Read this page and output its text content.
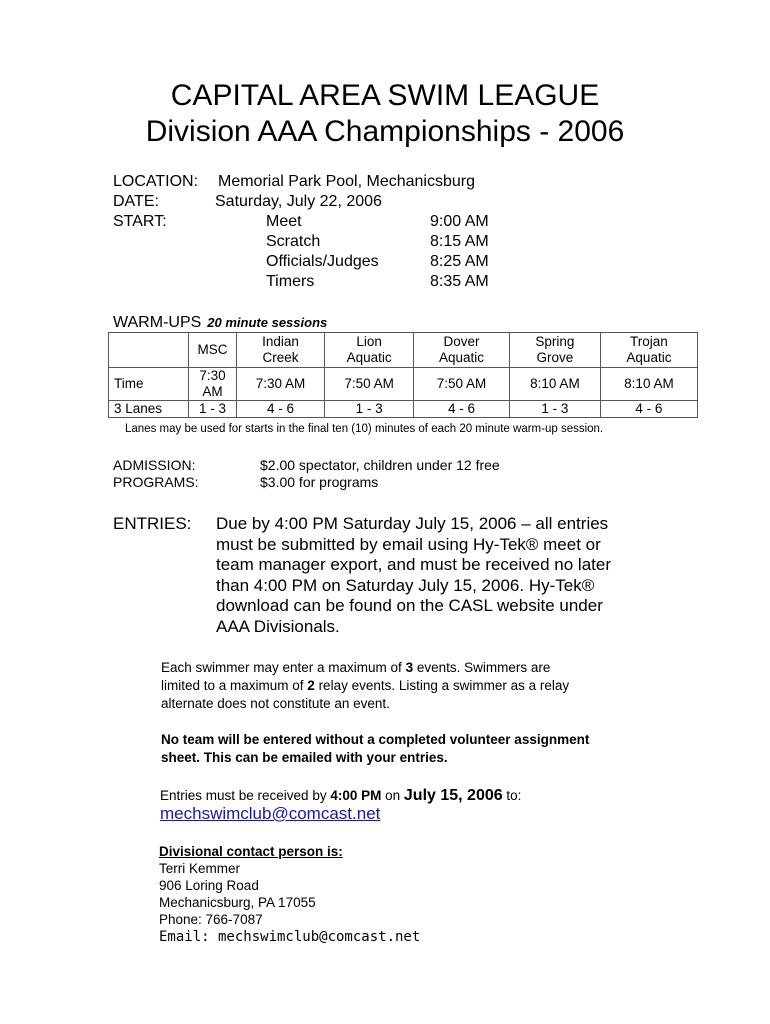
CAPITAL AREA SWIM LEAGUE
Division AAA Championships - 2006
LOCATION: Memorial Park Pool, Mechanicsburg
DATE:	Saturday, July 22, 2006
START:	Meet	9:00 AM
Scratch	8:15 AM
Officials/Judges	8:25 AM
Timers	8:35 AM
WARM-UPS 20 minute sessions
	MSC	Indian Creek	Lion Aquatic	Dover Aquatic	Spring Grove	Trojan Aquatic
Time	7:30 AM	7:30 AM	7:50 AM	7:50 AM	8:10 AM	8:10 AM
3 Lanes	1 - 3	4 - 6	1 - 3	4 - 6	1 - 3	4 - 6
Lanes may be used for starts in the final ten (10) minutes of each 20 minute warm-up session.
ADMISSION:	$2.00 spectator, children under 12 free
PROGRAMS:	$3.00 for programs
ENTRIES: Due by 4:00 PM Saturday July 15, 2006 – all entries
must be submitted by email using Hy-Tek® meet or
team manager export, and must be received no later
than 4:00 PM on Saturday July 15, 2006. Hy-Tek®
download can be found on the CASL website under
AAA Divisionals.
Each swimmer may enter a maximum of 3 events. Swimmers are
limited to a maximum of 2 relay events. Listing a swimmer as a relay
alternate does not constitute an event.
No team will be entered without a completed volunteer assignment
sheet. This can be emailed with your entries.
Entries must be received by 4:00 PM on July 15, 2006 to:
mechswimclub@comcast.net
Divisional contact person is:
Terri Kemmer
906 Loring Road
Mechanicsburg, PA 17055
Phone: 766-7087
Email: mechswimclub@comcast.net
